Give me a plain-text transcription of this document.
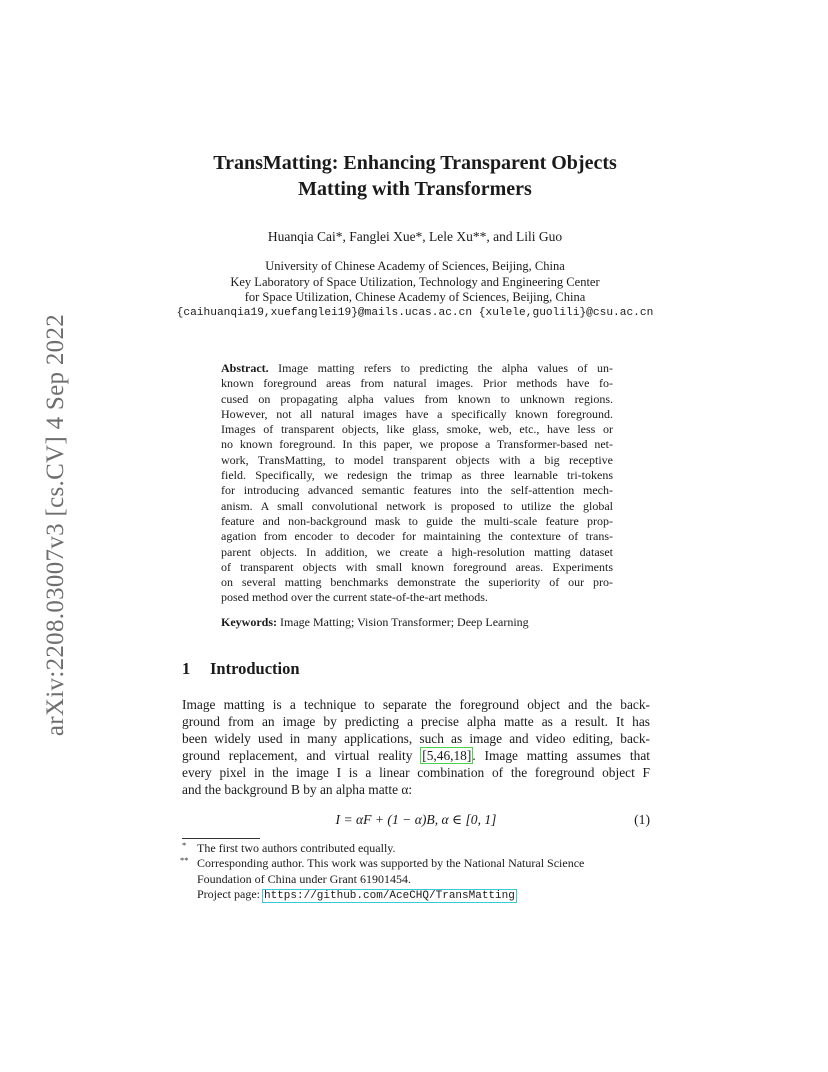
arXiv:2208.03007v3 [cs.CV] 4 Sep 2022
TransMatting: Enhancing Transparent Objects
Matting with Transformers
Huanqia Cai*, Fanglei Xue*, Lele Xu**, and Lili Guo
University of Chinese Academy of Sciences, Beijing, China
Key Laboratory of Space Utilization, Technology and Engineering Center
for Space Utilization, Chinese Academy of Sciences, Beijing, China
{caihuanqia19,xuefanglei19}@mails.ucas.ac.cn {xulele,guolili}@csu.ac.cn
Abstract. Image matting refers to predicting the alpha values of un-
known foreground areas from natural images. Prior methods have fo-
cused on propagating alpha values from known to unknown regions.
However, not all natural images have a specifically known foreground.
Images of transparent objects, like glass, smoke, web, etc., have less or
no known foreground. In this paper, we propose a Transformer-based net-
work, TransMatting, to model transparent objects with a big receptive
field. Specifically, we redesign the trimap as three learnable tri-tokens
for introducing advanced semantic features into the self-attention mech-
anism. A small convolutional network is proposed to utilize the global
feature and non-background mask to guide the multi-scale feature prop-
agation from encoder to decoder for maintaining the contexture of trans-
parent objects. In addition, we create a high-resolution matting dataset
of transparent objects with small known foreground areas. Experiments
on several matting benchmarks demonstrate the superiority of our pro-
posed method over the current state-of-the-art methods.
Keywords: Image Matting; Vision Transformer; Deep Learning
1 Introduction
Image matting is a technique to separate the foreground object and the back-
ground from an image by predicting a precise alpha matte as a result. It has
been widely used in many applications, such as image and video editing, back-
ground replacement, and virtual reality [5,46,18]. Image matting assumes that
every pixel in the image I is a linear combination of the foreground object F
and the background B by an alpha matte α:
I = αF + (1 − α)B, α ∈ [0, 1]	(1)
* The first two authors contributed equally.
** Corresponding author. This work was supported by the National Natural Science
Foundation of China under Grant 61901454.
Project page: https://github.com/AceCHQ/TransMatting
